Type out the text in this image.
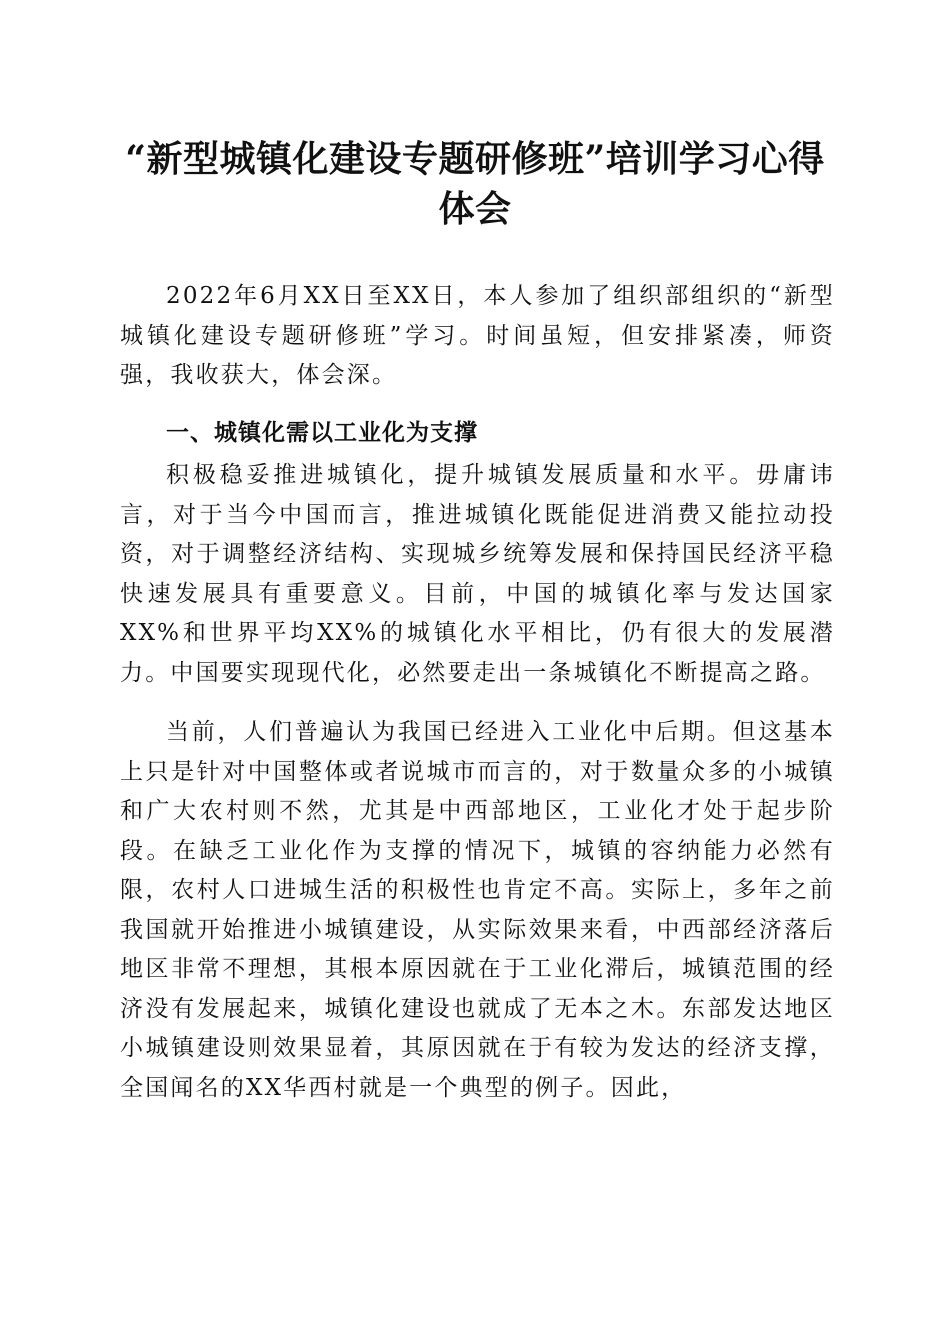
“新型城镇化建设专题研修班”培训学习心得体会

2022年6月XX日至XX日，本人参加了组织部组织的“新型城镇化建设专题研修班”学习。时间虽短，但安排紧凑，师资强，我收获大，体会深。

一、城镇化需以工业化为支撑

积极稳妥推进城镇化，提升城镇发展质量和水平。毋庸讳言，对于当今中国而言，推进城镇化既能促进消费又能拉动投资，对于调整经济结构、实现城乡统筹发展和保持国民经济平稳快速发展具有重要意义。目前，中国的城镇化率与发达国家XX%和世界平均XX%的城镇化水平相比，仍有很大的发展潜力。中国要实现现代化，必然要走出一条城镇化不断提高之路。

当前，人们普遍认为我国已经进入工业化中后期。但这基本上只是针对中国整体或者说城市而言的，对于数量众多的小城镇和广大农村则不然，尤其是中西部地区，工业化才处于起步阶段。在缺乏工业化作为支撑的情况下，城镇的容纳能力必然有限，农村人口进城生活的积极性也肯定不高。实际上，多年之前我国就开始推进小城镇建设，从实际效果来看，中西部经济落后地区非常不理想，其根本原因就在于工业化滞后，城镇范围的经济没有发展起来，城镇化建设也就成了无本之木。东部发达地区小城镇建设则效果显着，其原因就在于有较为发达的经济支撑，全国闻名的XX华西村就是一个典型的例子。因此，
